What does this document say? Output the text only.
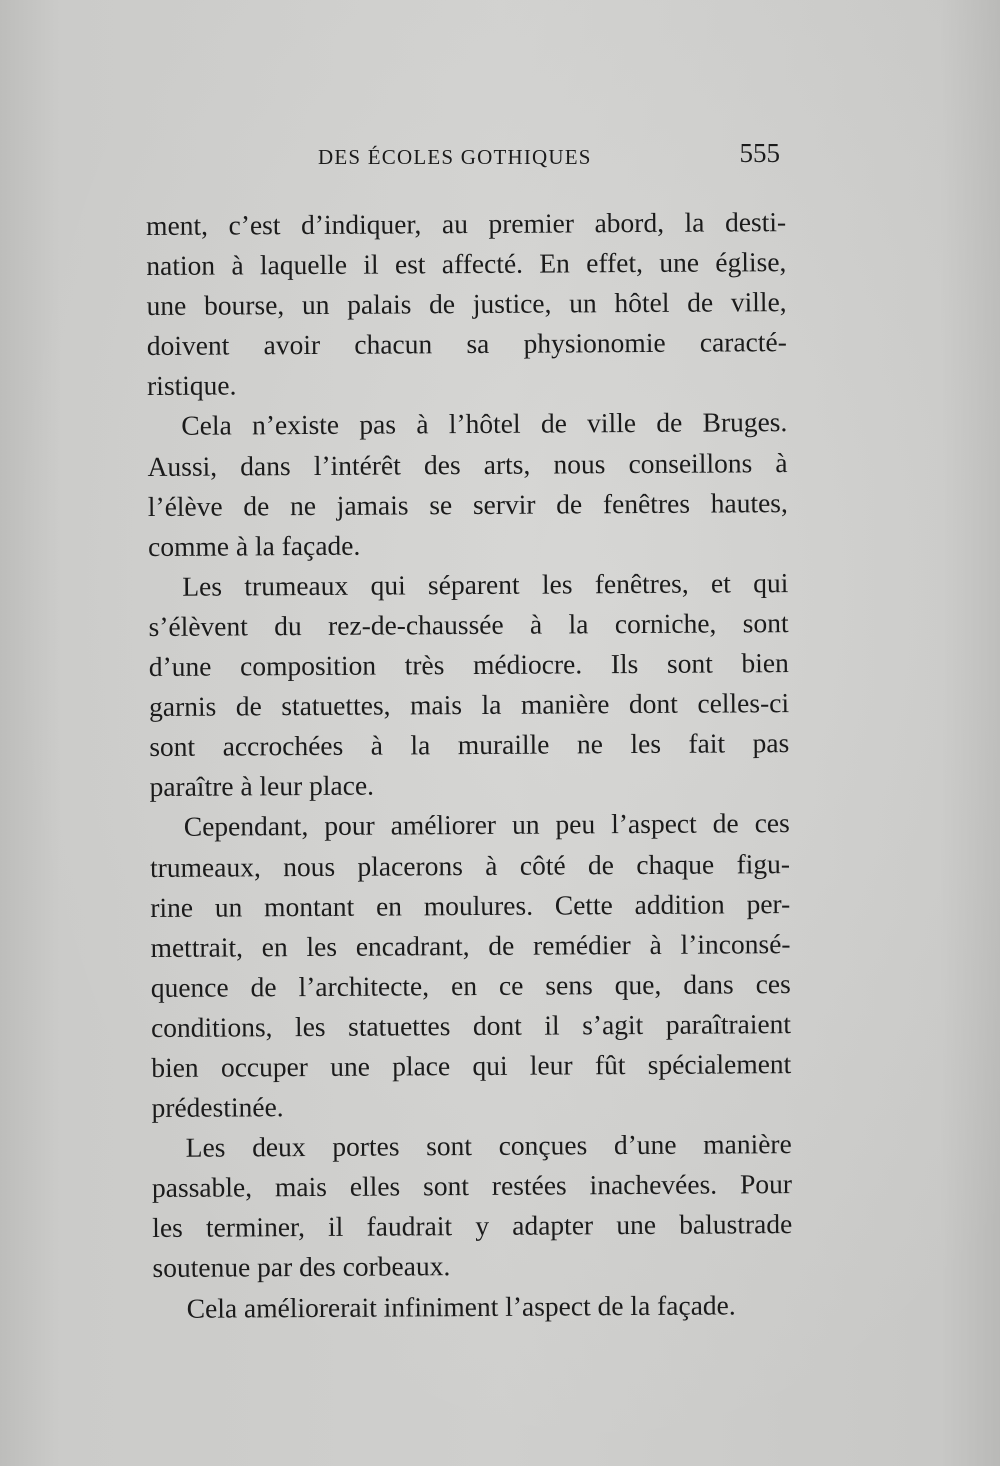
DES ÉCOLES GOTHIQUES	555
ment, c’est d’indiquer, au premier abord, la desti-
nation à laquelle il est affecté. En effet, une église,
une bourse, un palais de justice, un hôtel de ville,
doivent avoir chacun sa physionomie caracté-
ristique.
Cela n’existe pas à l’hôtel de ville de Bruges.
Aussi, dans l’intérêt des arts, nous conseillons à
l’élève de ne jamais se servir de fenêtres hautes,
comme à la façade.
Les trumeaux qui séparent les fenêtres, et qui
s’élèvent du rez-de-chaussée à la corniche, sont
d’une composition très médiocre. Ils sont bien
garnis de statuettes, mais la manière dont celles-ci
sont accrochées à la muraille ne les fait pas
paraître à leur place.
Cependant, pour améliorer un peu l’aspect de ces
trumeaux, nous placerons à côté de chaque figu-
rine un montant en moulures. Cette addition per-
mettrait, en les encadrant, de remédier à l’inconsé-
quence de l’architecte, en ce sens que, dans ces
conditions, les statuettes dont il s’agit paraîtraient
bien occuper une place qui leur fût spécialement
prédestinée.
Les deux portes sont conçues d’une manière
passable, mais elles sont restées inachevées. Pour
les terminer, il faudrait y adapter une balustrade
soutenue par des corbeaux.
Cela améliorerait infiniment l’aspect de la façade.
